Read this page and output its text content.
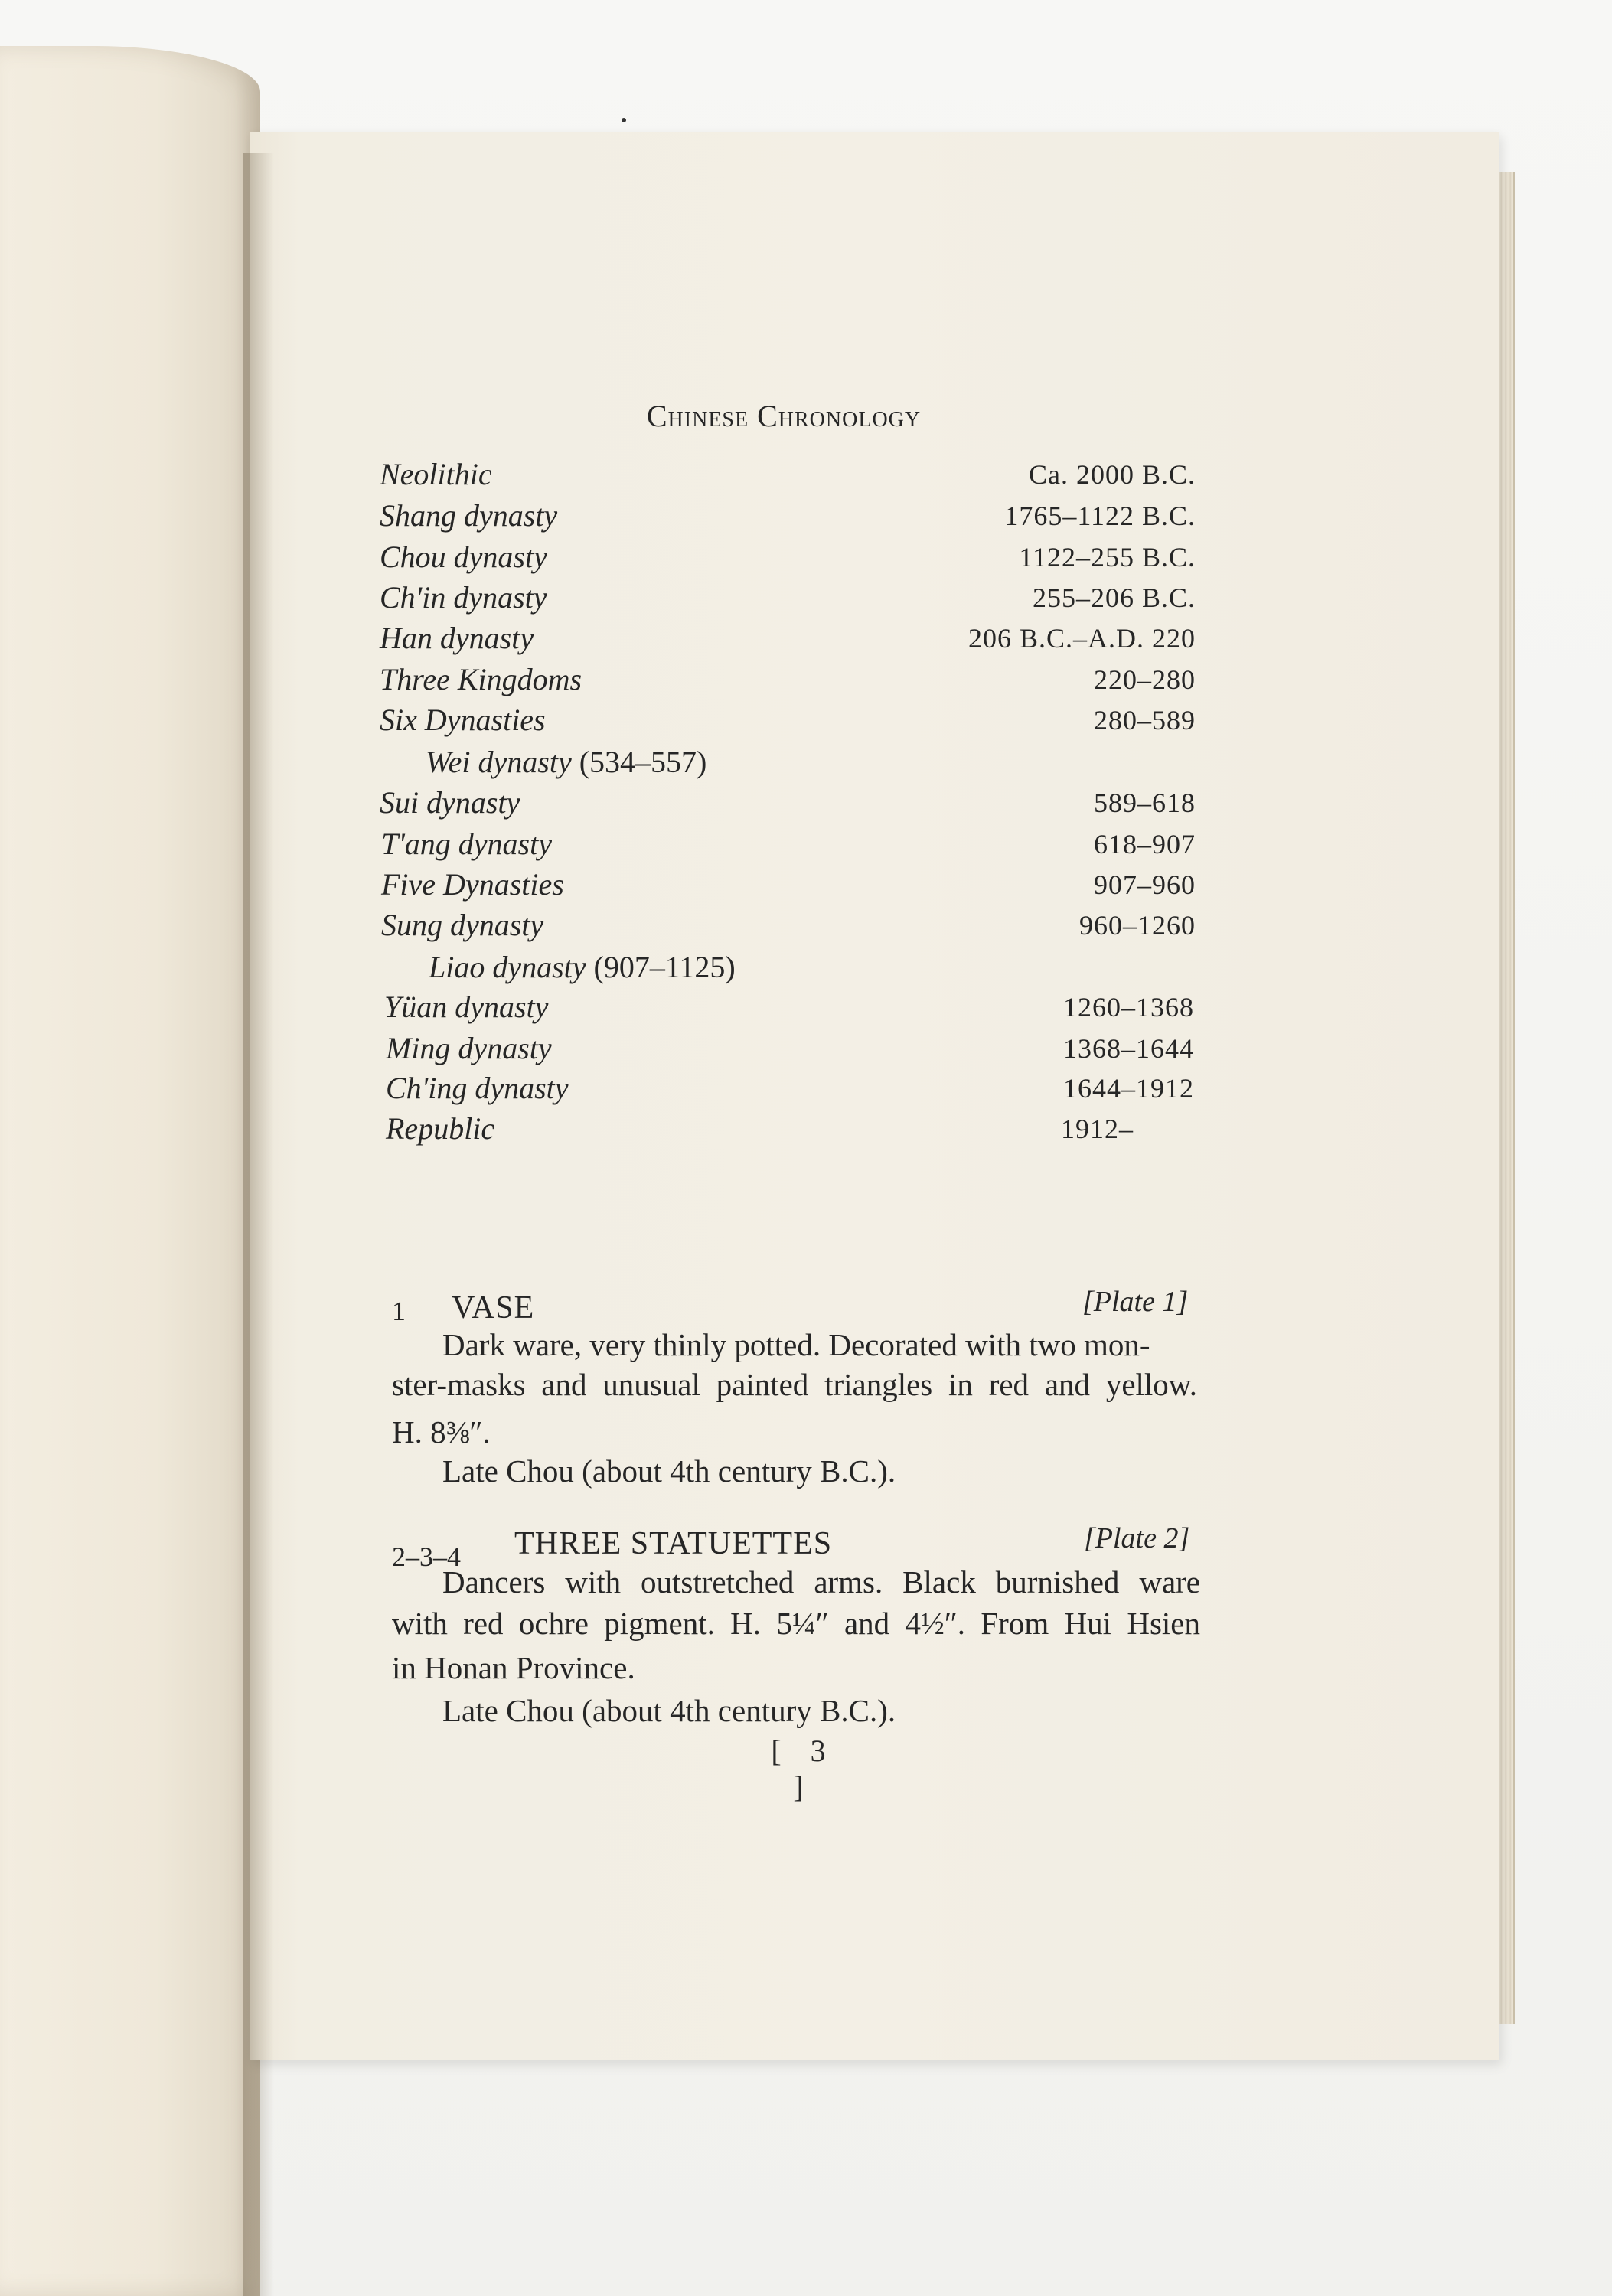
Chinese Chronology
Neolithic	Ca. 2000 B.C.
Shang dynasty	1765–1122 B.C.
Chou dynasty	1122–255 B.C.
Ch'in dynasty	255–206 B.C.
Han dynasty	206 B.C.–A.D. 220
Three Kingdoms	220–280
Six Dynasties	280–589
Wei dynasty (534–557)
Sui dynasty	589–618
T'ang dynasty	618–907
Five Dynasties	907–960
Sung dynasty	960–1260
Liao dynasty (907–1125)
Yüan dynasty	1260–1368
Ming dynasty	1368–1644
Ch'ing dynasty	1644–1912
Republic	1912–
1 VASE	[Plate 1]
Dark ware, very thinly potted. Decorated with two mon-
ster-masks and unusual painted triangles in red and yellow.
H. 8⅜″.
Late Chou (about 4th century B.C.).
2–3–4 THREE STATUETTES	[Plate 2]
Dancers with outstretched arms. Black burnished ware
with red ochre pigment. H. 5¼″ and 4½″. From Hui Hsien
in Honan Province.
Late Chou (about 4th century B.C.).
[ 3 ]
